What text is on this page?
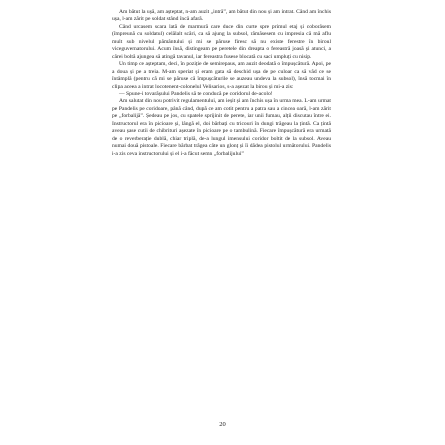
Am bătut la ușă, am așteptat, n-am auzit „intră”, am bătut din nou și am intrat. Când am închis ușa, l-am zărit pe soldat stând încă afară.

Când urcasem scara lată de marmură care duce din curte spre primul etaj și coborâsem (împreună cu soldatul) celălalt scări, ca să ajung la subsol, rămăsesem cu impresia că mă aflu mult sub nivelul pământului și mi se păruse firesc să nu existe ferestre în biroul viceguvernatorului. Acum însă, distingeam pe peretele din dreapta o fereastră joasă și atunci, a cărei boltă ajungea să atingă tavanul, iar fereastra fusese blocată cu saci umpluți cu nisip.

Un timp ce așteptam, deci, în poziție de semirepaus, am auzit deodată o împușcătură. Apoi, pe a doua și pe a treia. M-am speriat și eram gata să deschid ușa de pe culoar ca să văd ce se întâmplă (pentru că mi se păruse că împușcăturile se auzeau undeva la subsol), însă tocmai în clipa aceea a intrat locotenent-colonelul Velisarios, s-a așezat la birou și mi-a zis:

— Spune-i tovarășului Pandelis să te conducă pe coridorul de-acolo!

Am salutat din nou potrivit regulamentului, am ieșit și am închis ușa în urma mea. L-am urmat pe Pandelis pe coridoare, până când, după ce am cotit pentru a patra sau a cincea oară, l-am zărit pe „forbalijă”. Ședeau pe jos, cu spatele sprijinit de perete, iar unii fumau, alții discutau între ei. Instructorul era în picioare și, lângă el, doi bărbați cu tricouri în dungi trăgeau la țintă. Ca țintă aveau șase cutii de chibrituri așezate în picioare pe o tambulină. Fiecare împușcătură era urmată de o reverberație dublă, chiar triplă, de-a lungul imensului coridor boltit de la subsol. Aveau numai două pistoale. Fiecare bărbat trăgea câte un glonț și îi dădea pistolul următorului. Pandelis i-a zis ceva instructorului și el i-a făcut semn „forbalijului”

20
